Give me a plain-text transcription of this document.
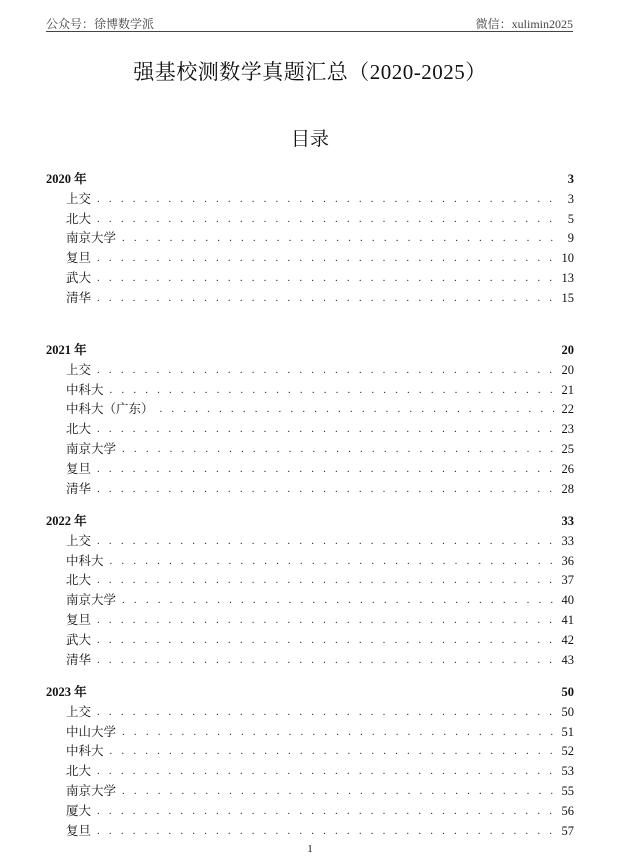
公众号：徐博数学派	微信：xulimin2025
强基校测数学真题汇总（2020-2025）
目录
2020 年	3
上交 . . .	3
北大 . . .	5
南京大学 . . .	9
复旦 . . .	10
武大 . . .	13
清华 . . .	15
2021 年	20
上交 . . .	20
中科大 . . .	21
中科大（广东） . . .	22
北大 . . .	23
南京大学 . . .	25
复旦 . . .	26
清华 . . .	28
2022 年	33
上交 . . .	33
中科大 . . .	36
北大 . . .	37
南京大学 . . .	40
复旦 . . .	41
武大 . . .	42
清华 . . .	43
2023 年	50
上交 . . .	50
中山大学 . . .	51
中科大 . . .	52
北大 . . .	53
南京大学 . . .	55
厦大 . . .	56
复旦 . . .	57
1
